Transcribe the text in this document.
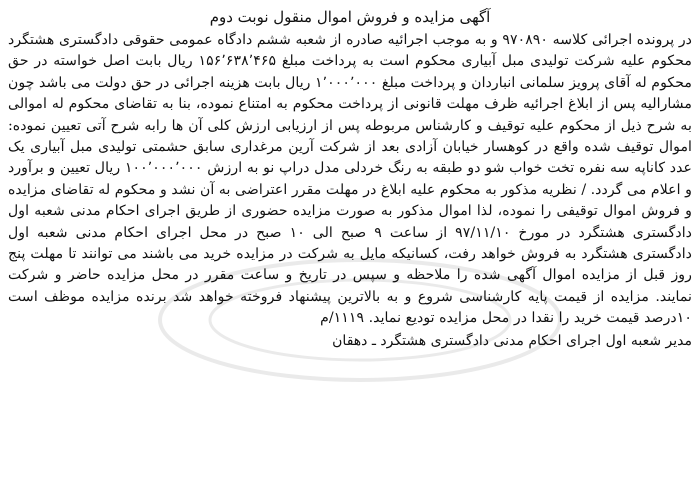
آگهی مزایده و فروش اموال منقول نوبت دوم

در پرونده اجرائی کلاسه ۹۷۰۸۹۰ و به موجب اجرائیه صادره از شعبه ششم دادگاه عمومی حقوقی دادگستری هشتگرد محکوم علیه شرکت تولیدی مبل آبیاری محکوم است به پرداخت مبلغ ۱۵۶٬۶۳۸٬۴۶۵ ریال بابت اصل خواسته در حق محکوم له آقای پرویز سلمانی انباردان و پرداخت مبلغ ۱٬۰۰۰٬۰۰۰ ریال بابت هزینه اجرائی در حق دولت می باشد چون مشارالیه پس از ابلاغ اجرائیه ظرف مهلت قانونی از پرداخت محکوم به امتناع نموده، بنا به تقاضای محکوم له اموالی به شرح ذیل از محکوم علیه توقیف و کارشناس مربوطه پس از ارزیابی ارزش کلی آن ها رابه شرح آتی تعیین نموده: اموال توقیف شده واقع در کوهسار خیابان آزادی بعد از شرکت آرین مرغداری سابق حشمتی تولیدی مبل آبیاری یک عدد کاناپه سه نفره تخت خواب شو دو طبقه به رنگ خردلی مدل دراپ نو به ارزش ۱۰۰٬۰۰۰٬۰۰۰ ریال تعیین و برآورد و اعلام می گردد. / نظریه مذکور به محکوم علیه ابلاغ در مهلت مقرر اعتراضی به آن نشد و محکوم له تقاضای مزایده و فروش اموال توقیفی را نموده، لذا اموال مذکور به صورت مزایده حضوری از طریق اجرای احکام مدنی شعبه اول دادگستری هشتگرد در مورخ ۹۷/۱۱/۱۰ از ساعت ۹ صبح الی ۱۰ صبح در محل اجرای احکام مدنی شعبه اول دادگستری هشتگرد به فروش خواهد رفت، کسانیکه مایل به شرکت در مزایده خرید می باشند می توانند تا مهلت پنج روز قبل از مزایده اموال آگهی شده را ملاحظه و سپس در تاریخ و ساعت مقرر در محل مزایده حاضر و شرکت نمایند. مزایده از قیمت پایه کارشناسی شروع و به بالاترین پیشنهاد فروخته خواهد شد برنده مزایده موظف است ۱۰درصد قیمت خرید را نقدا در محل مزایده تودیع نماید. ۱۱۱۹/م

مدیر شعبه اول اجرای احکام مدنی دادگستری هشتگرد ـ دهقان
